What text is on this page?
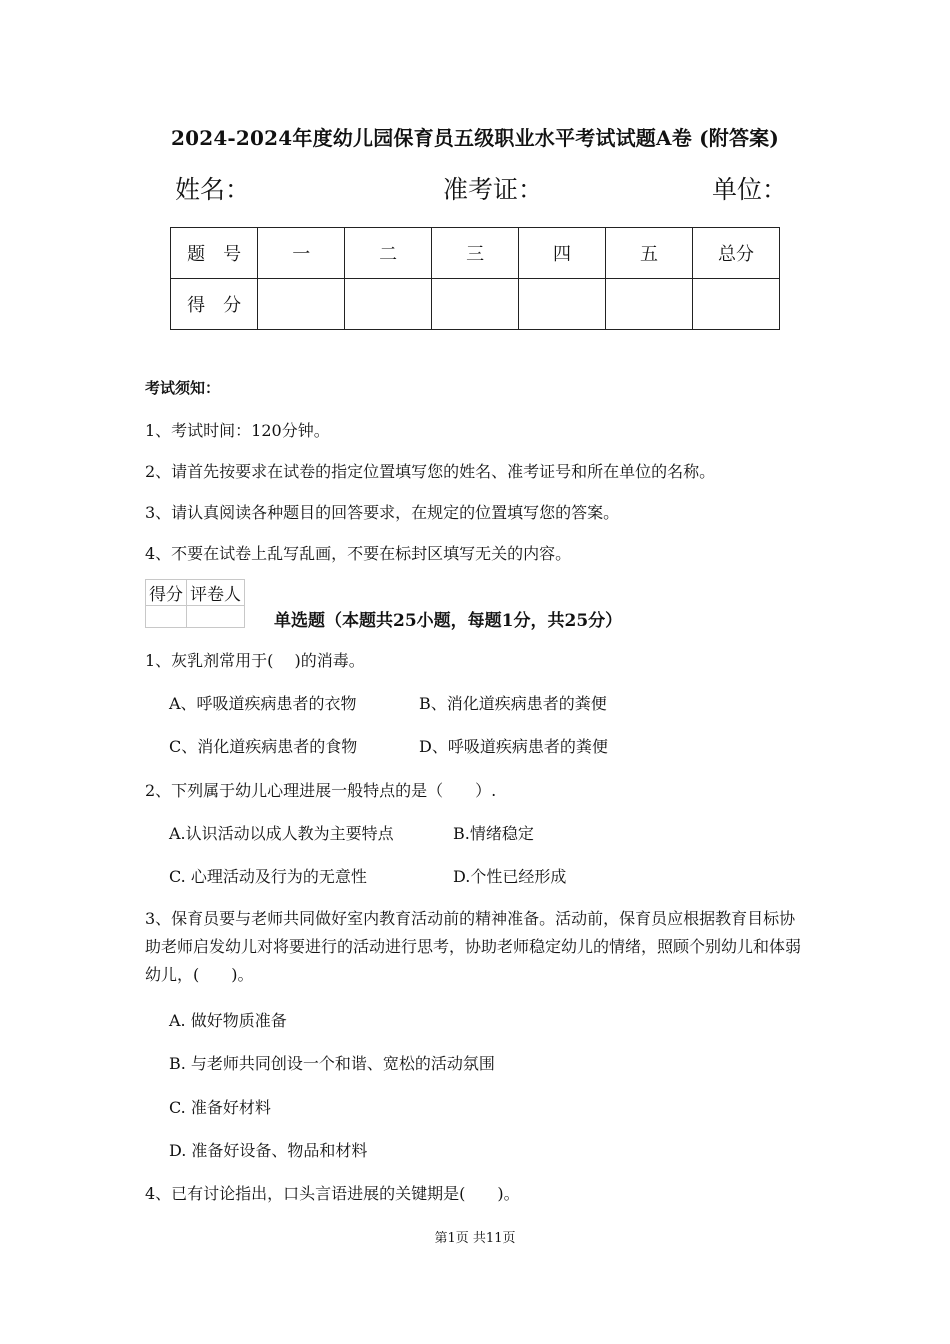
2024-2024年度幼儿园保育员五级职业水平考试试题A卷 (附答案)
姓名：	准考证：	单位：
题　号	一	二	三	四	五	总分
得　分						
考试须知：
1、考试时间：120分钟。
2、请首先按要求在试卷的指定位置填写您的姓名、准考证号和所在单位的名称。
3、请认真阅读各种题目的回答要求，在规定的位置填写您的答案。
4、不要在试卷上乱写乱画，不要在标封区填写无关的内容。
得分	评卷人

单选题（本题共25小题，每题1分，共25分）
1、灰乳剂常用于(　 )的消毒。
A、呼吸道疾病患者的衣物	B、消化道疾病患者的粪便
C、消化道疾病患者的食物	D、呼吸道疾病患者的粪便
2、下列属于幼儿心理进展一般特点的是（　　）.
A.认识活动以成人教为主要特点	B.情绪稳定
C. 心理活动及行为的无意性	D.个性已经形成
3、保育员要与老师共同做好室内教育活动前的精神准备。活动前，保育员应根据教育目标协助老师启发幼儿对将要进行的活动进行思考，协助老师稳定幼儿的情绪，照顾个别幼儿和体弱幼儿，(　　)。
A. 做好物质准备
B. 与老师共同创设一个和谐、宽松的活动氛围
C. 准备好材料
D. 准备好设备、物品和材料
4、已有讨论指出，口头言语进展的关键期是(　　)。
第1页 共11页
